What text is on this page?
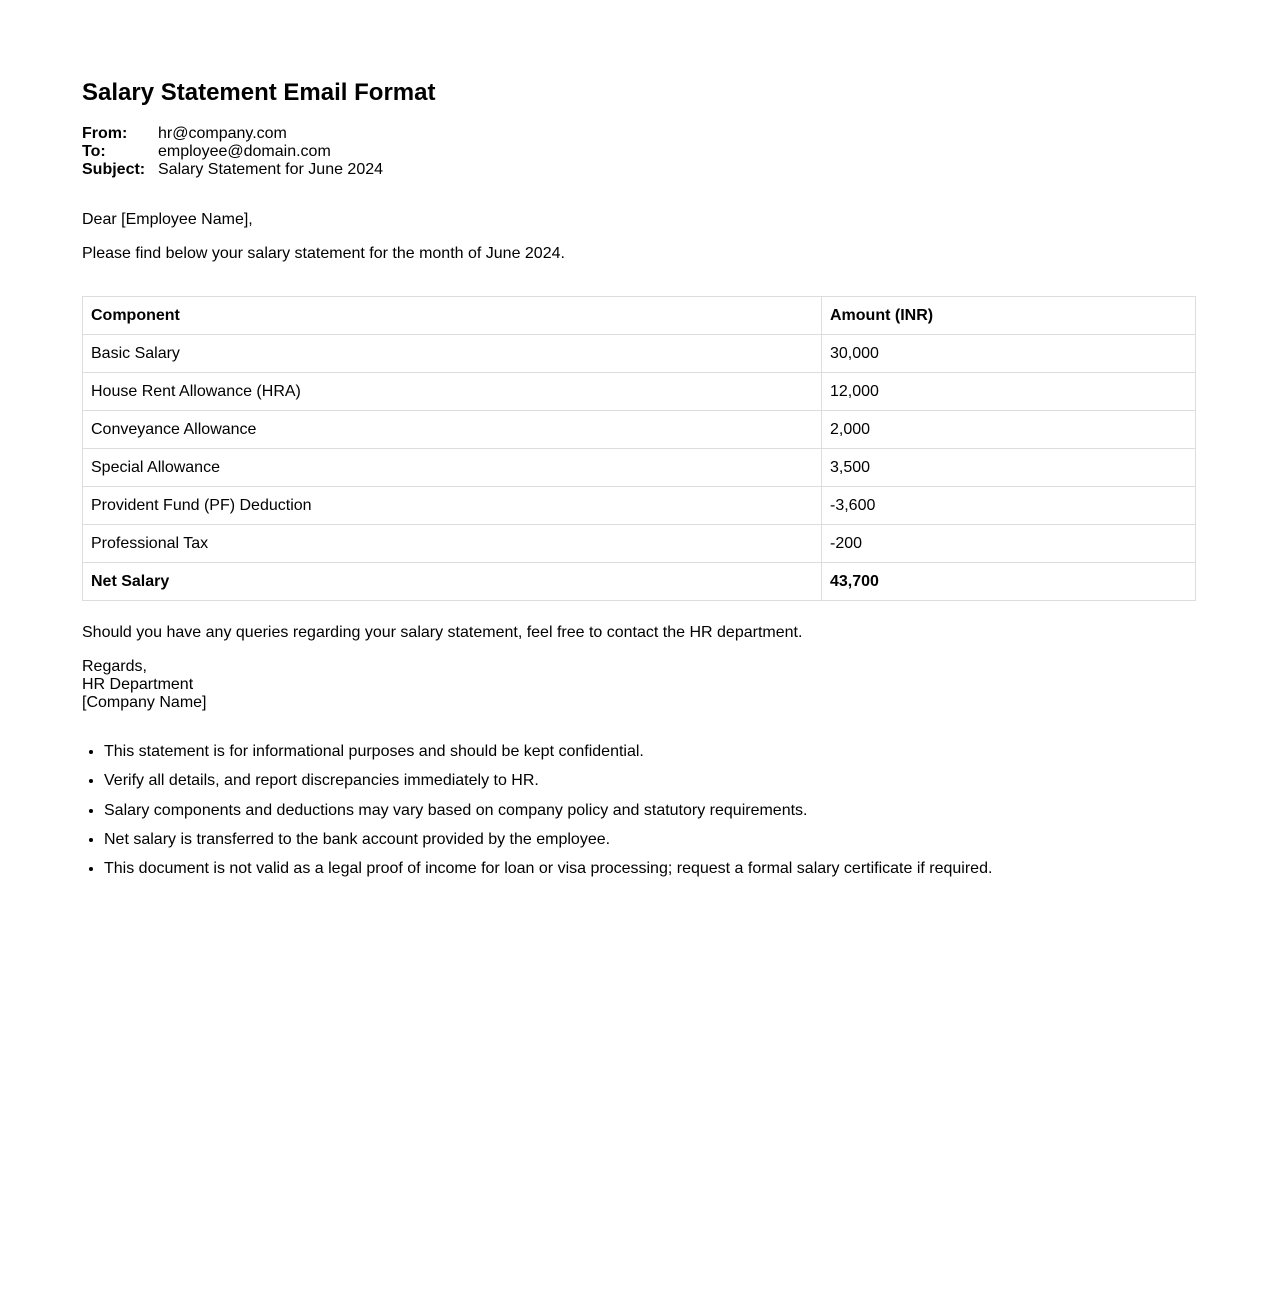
Salary Statement Email Format
From:	hr@company.com
To:	employee@domain.com
Subject:	Salary Statement for June 2024

Dear [Employee Name],

Please find below your salary statement for the month of June 2024.

Component	Amount (INR)
Basic Salary	30,000
House Rent Allowance (HRA)	12,000
Conveyance Allowance	2,000
Special Allowance	3,500
Provident Fund (PF) Deduction	-3,600
Professional Tax	-200
Net Salary	43,700

Should you have any queries regarding your salary statement, feel free to contact the HR department.

Regards,
HR Department
[Company Name]

• This statement is for informational purposes and should be kept confidential.
• Verify all details, and report discrepancies immediately to HR.
• Salary components and deductions may vary based on company policy and statutory requirements.
• Net salary is transferred to the bank account provided by the employee.
• This document is not valid as a legal proof of income for loan or visa processing; request a formal salary certificate if required.
